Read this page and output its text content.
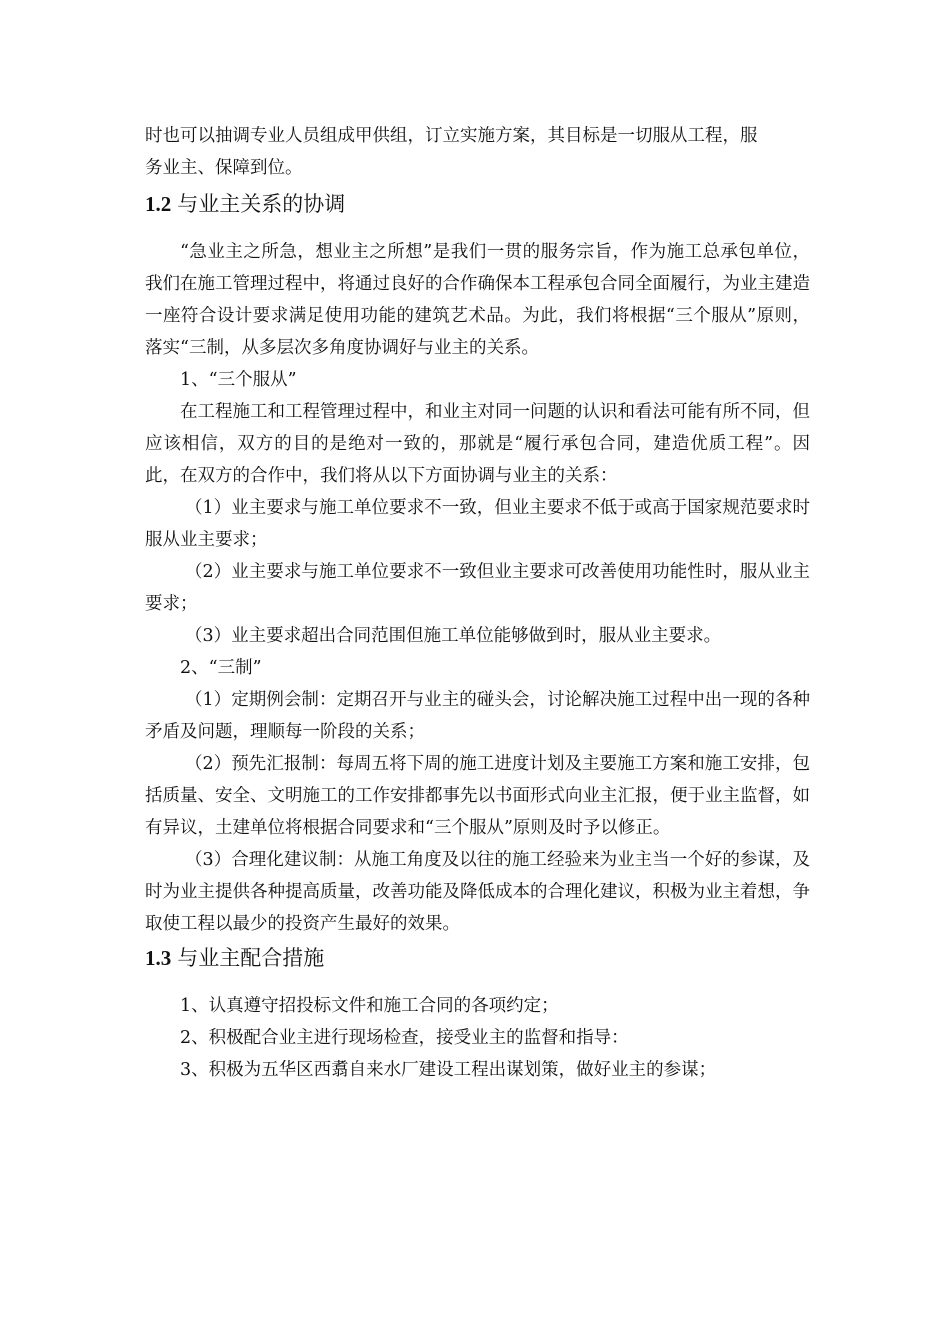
时也可以抽调专业人员组成甲供组，订立实施方案，其目标是一切服从工程，服

务业主、保障到位。

1.2 与业主关系的协调

“急业主之所急，想业主之所想”是我们一贯的服务宗旨，作为施工总承包单位，我们在施工管理过程中，将通过良好的合作确保本工程承包合同全面履行，为业主建造一座符合设计要求满足使用功能的建筑艺术品。为此，我们将根据“三个服从”原则，落实“三制，从多层次多角度协调好与业主的关系。

1、“三个服从”

在工程施工和工程管理过程中，和业主对同一问题的认识和看法可能有所不同，但应该相信，双方的目的是绝对一致的，那就是“履行承包合同，建造优质工程”。因此，在双方的合作中，我们将从以下方面协调与业主的关系：

（1）业主要求与施工单位要求不一致，但业主要求不低于或高于国家规范要求时服从业主要求；

（2）业主要求与施工单位要求不一致但业主要求可改善使用功能性时，服从业主要求；

（3）业主要求超出合同范围但施工单位能够做到时，服从业主要求。

2、“三制”

（1）定期例会制：定期召开与业主的碰头会，讨论解决施工过程中出一现的各种矛盾及问题，理顺每一阶段的关系；

（2）预先汇报制：每周五将下周的施工进度计划及主要施工方案和施工安排，包括质量、安全、文明施工的工作安排都事先以书面形式向业主汇报，便于业主监督，如有异议，土建单位将根据合同要求和“三个服从”原则及时予以修正。

（3）合理化建议制：从施工角度及以往的施工经验来为业主当一个好的参谋，及时为业主提供各种提高质量，改善功能及降低成本的合理化建议，积极为业主着想，争取使工程以最少的投资产生最好的效果。

1.3 与业主配合措施

1、认真遵守招投标文件和施工合同的各项约定；

2、积极配合业主进行现场检查，接受业主的监督和指导：

3、积极为五华区西翥自来水厂建设工程出谋划策，做好业主的参谋；
